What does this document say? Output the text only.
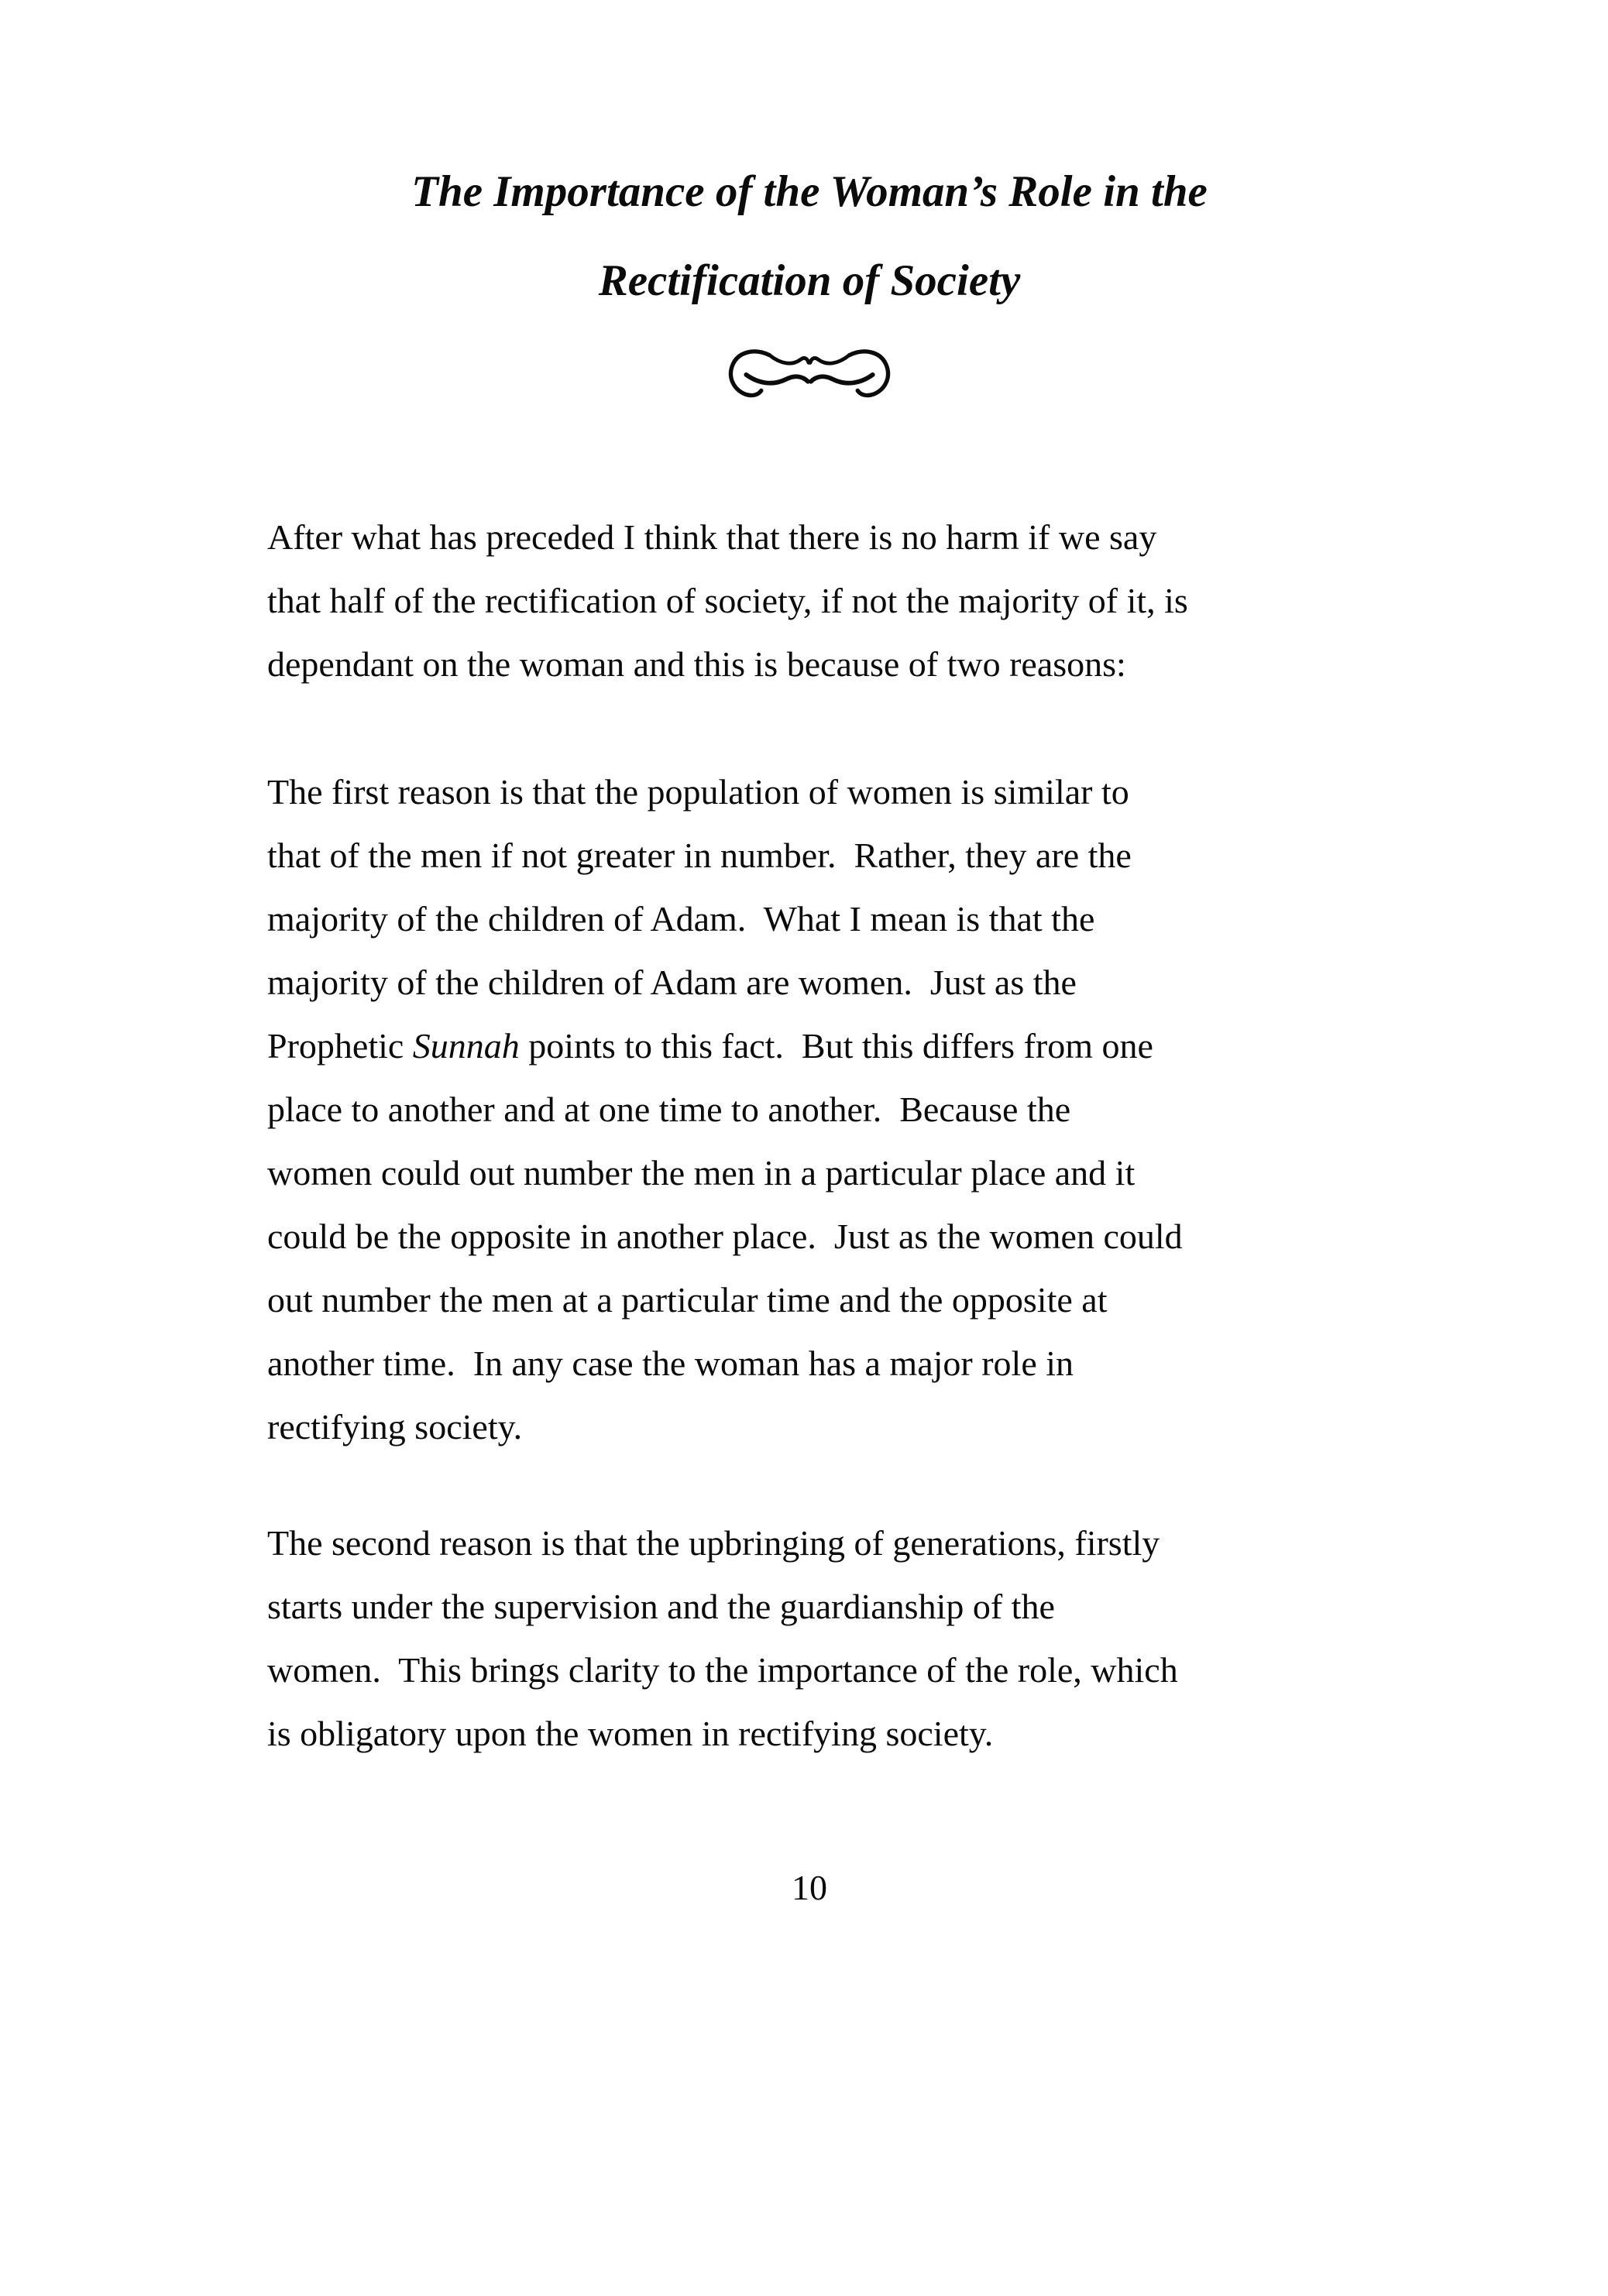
The Importance of the Woman’s Role in the
Rectification of Society

After what has preceded I think that there is no harm if we say
that half of the rectification of society, if not the majority of it, is
dependant on the woman and this is because of two reasons:

The first reason is that the population of women is similar to
that of the men if not greater in number.  Rather, they are the
majority of the children of Adam.  What I mean is that the
majority of the children of Adam are women.  Just as the
Prophetic Sunnah points to this fact.  But this differs from one
place to another and at one time to another.  Because the
women could out number the men in a particular place and it
could be the opposite in another place.  Just as the women could
out number the men at a particular time and the opposite at
another time.  In any case the woman has a major role in
rectifying society.

The second reason is that the upbringing of generations, firstly
starts under the supervision and the guardianship of the
women.  This brings clarity to the importance of the role, which
is obligatory upon the women in rectifying society.

10
